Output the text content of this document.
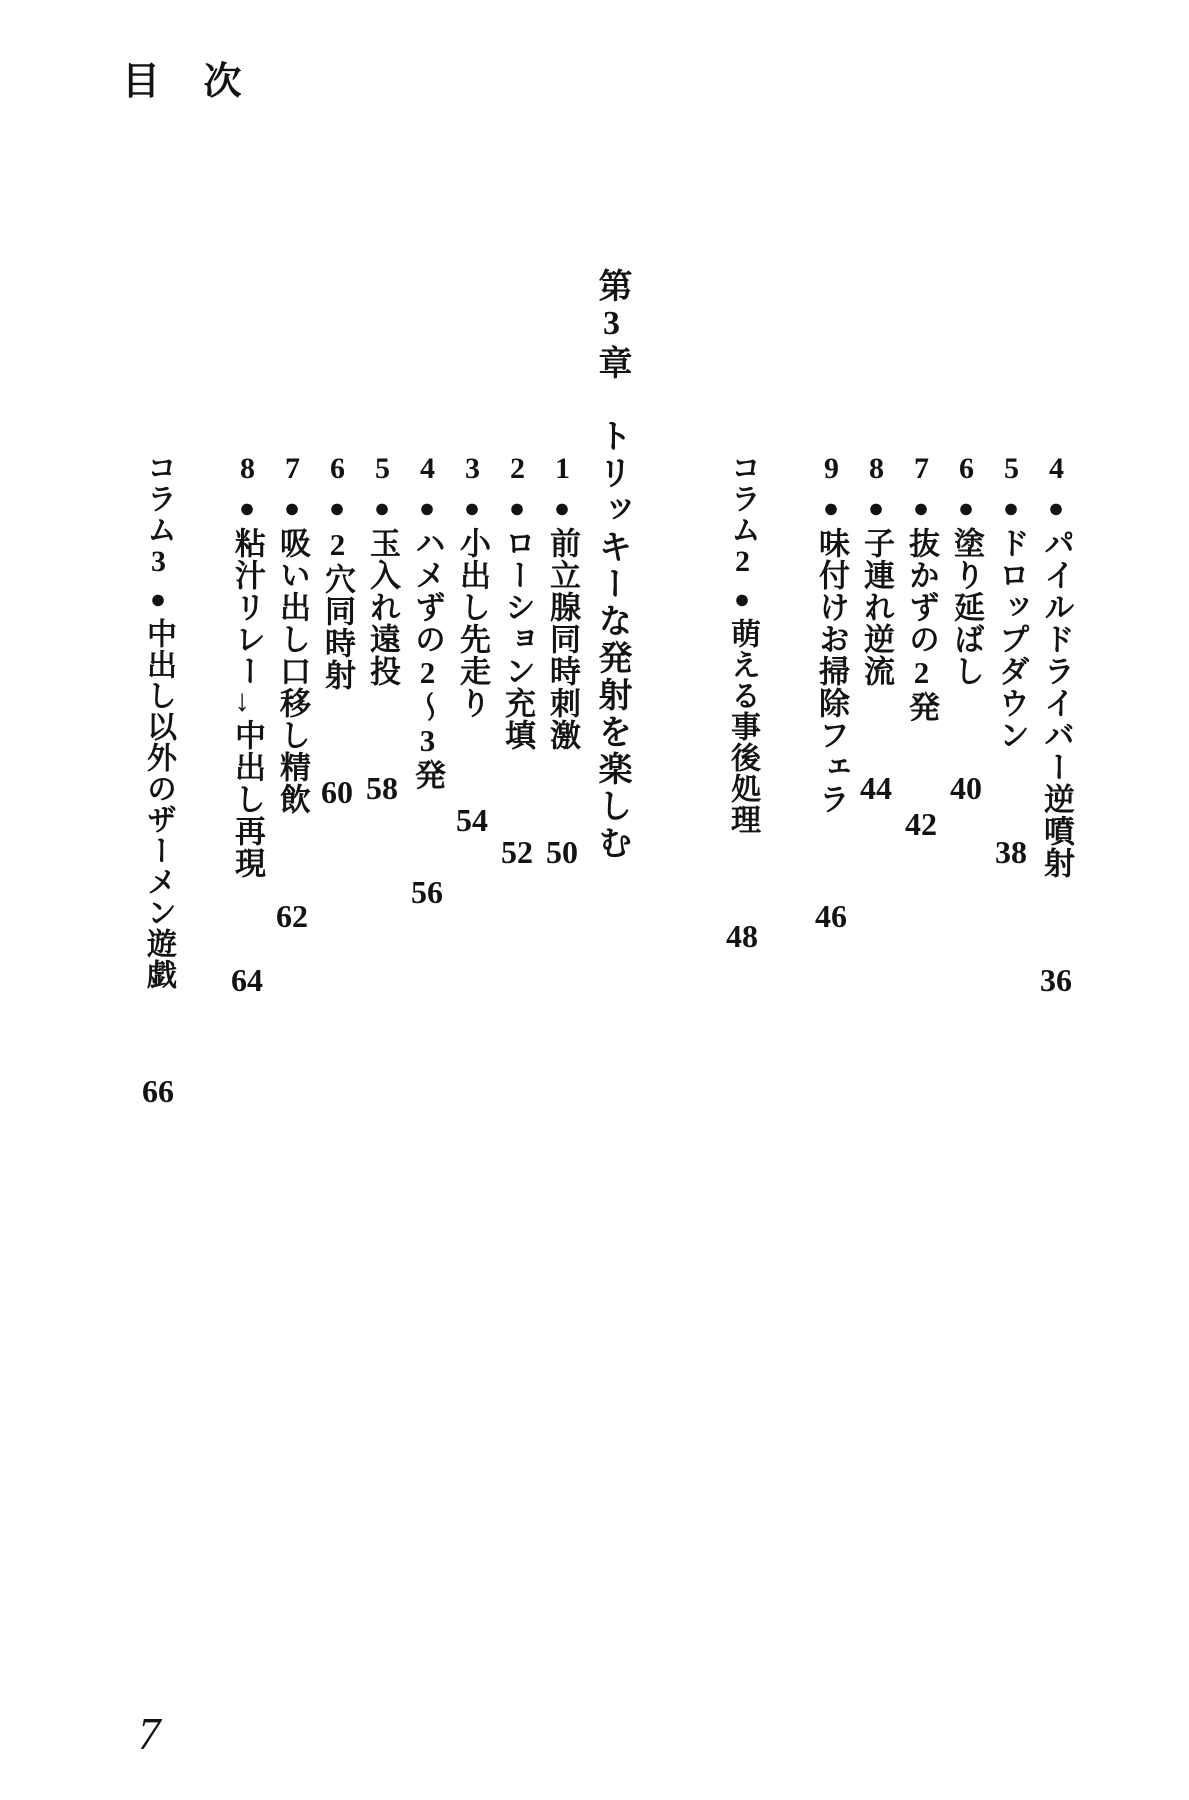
目 次
第3章トリッキーな発射を楽しむ	4●パイルドライバー逆噴射36
5●ドロップダウン38
6●塗り延ばし40
7●抜かずの2発42
8●子連れ逆流44
9●味付けお掃除フェラ46
コラム2●萌える事後処理48
1●前立腺同時刺激50
2●ローション充填52
3●小出し先走り54
4●ハメずの2〜3発56
5●玉入れ遠投58
6●2穴同時射60
7●吸い出し口移し精飲62
8●粘汁リレー→中出し再現64
コラム3●中出し以外のザーメン遊戯66
7
